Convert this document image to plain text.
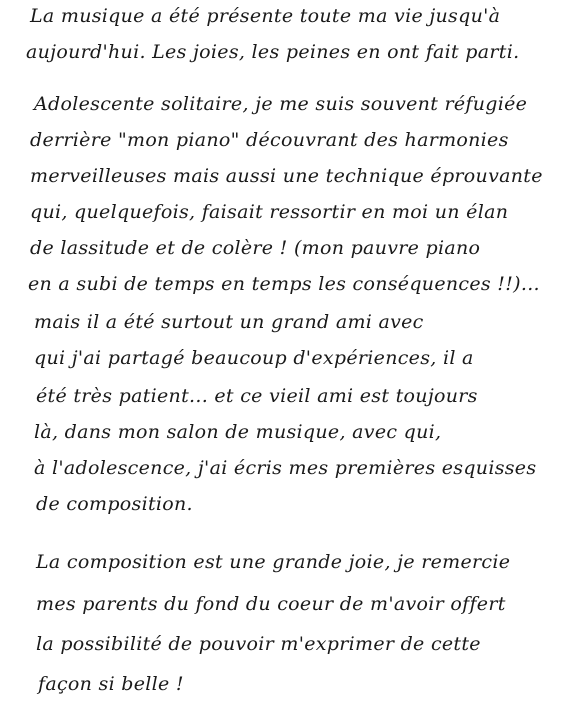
La musique a été présente toute ma vie jusqu'à
aujourd'hui. Les joies, les peines en ont fait parti.
Adolescente solitaire, je me suis souvent réfugiée
derrière "mon piano" découvrant des harmonies
merveilleuses mais aussi une technique éprouvante
qui, quelquefois, faisait ressortir en moi un élan
de lassitude et de colère ! (mon pauvre piano
en a subi de temps en temps les conséquences !!)...
mais il a été surtout un grand ami avec
qui j'ai partagé beaucoup d'expériences, il a
été très patient... et ce vieil ami est toujours
là, dans mon salon de musique, avec qui,
à l'adolescence, j'ai écris mes premières esquisses
de composition.
La composition est une grande joie, je remercie
mes parents du fond du coeur de m'avoir offert
la possibilité de pouvoir m'exprimer de cette
façon si belle !
